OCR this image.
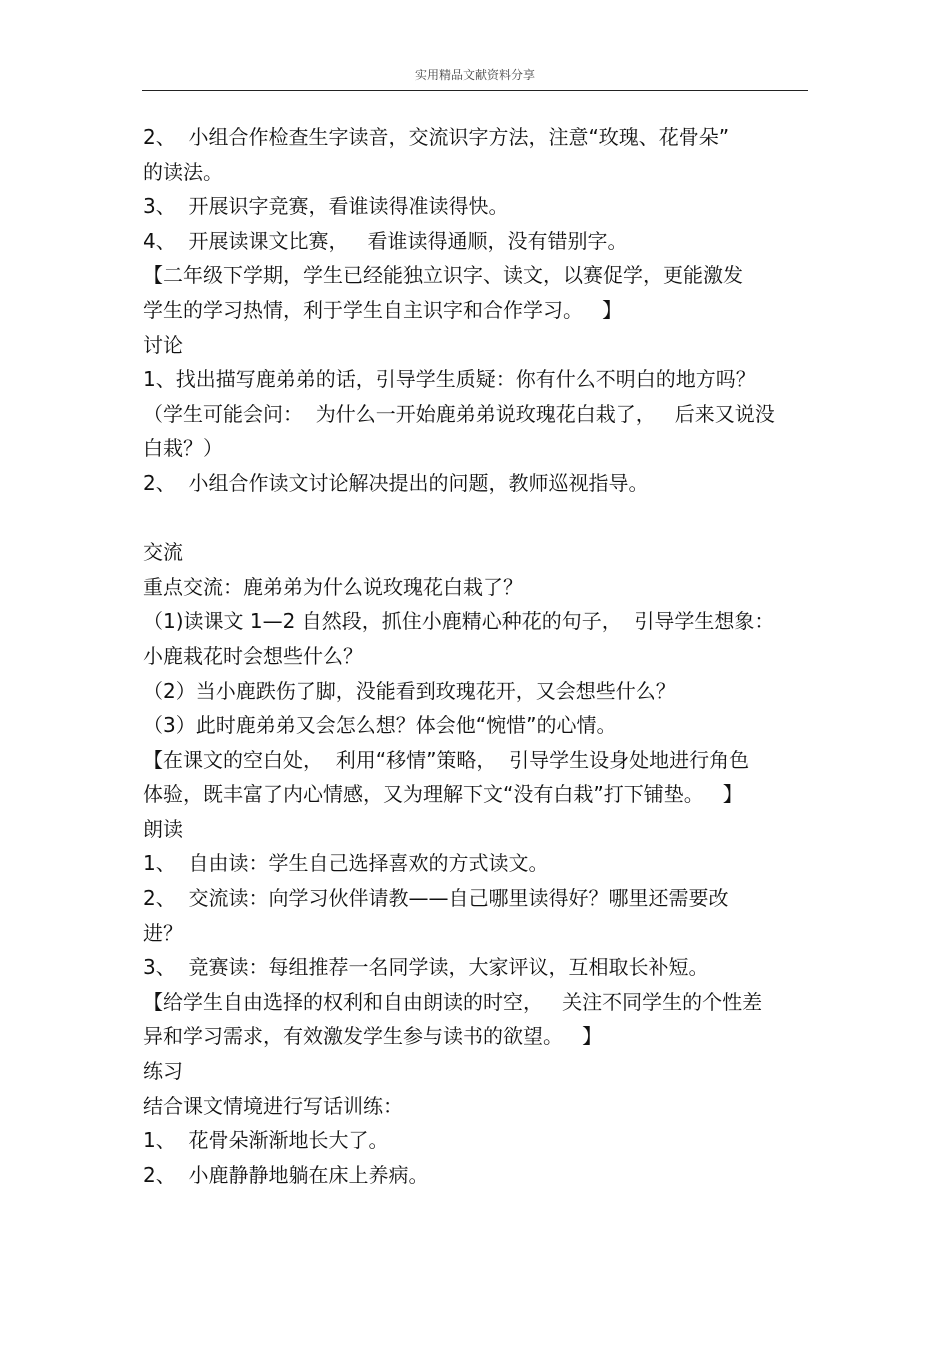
实用精品文献资料分享
2、  小组合作检查生字读音，交流识字方法，注意“玫瑰、花骨朵”
的读法。
3、  开展识字竞赛，看谁读得准读得快。
4、  开展读课文比赛，   看谁读得通顺，没有错别字。
【二年级下学期，学生已经能独立识字、读文，以赛促学，更能激发
学生的学习热情，利于学生自主识字和合作学习。   】
讨论
1、找出描写鹿弟弟的话，引导学生质疑：你有什么不明白的地方吗？
（学生可能会问：  为什么一开始鹿弟弟说玫瑰花白栽了，   后来又说没
白栽？）
2、  小组合作读文讨论解决提出的问题，教师巡视指导。
交流
重点交流：鹿弟弟为什么说玫瑰花白栽了？
（1)读课文 1—2 自然段，抓住小鹿精心种花的句子，  引导学生想象：
小鹿栽花时会想些什么？
（2）当小鹿跌伤了脚，没能看到玫瑰花开，又会想些什么？
（3）此时鹿弟弟又会怎么想？体会他“惋惜”的心情。
【在课文的空白处，  利用“移情”策略，  引导学生设身处地进行角色
体验，既丰富了内心情感，又为理解下文“没有白栽”打下铺垫。   】
朗读
1、  自由读：学生自己选择喜欢的方式读文。
2、  交流读：向学习伙伴请教——自己哪里读得好？哪里还需要改
进？
3、  竞赛读：每组推荐一名同学读，大家评议，互相取长补短。
【给学生自由选择的权利和自由朗读的时空，   关注不同学生的个性差
异和学习需求，有效激发学生参与读书的欲望。   】
练习
结合课文情境进行写话训练：
1、  花骨朵渐渐地长大了。
2、  小鹿静静地躺在床上养病。
